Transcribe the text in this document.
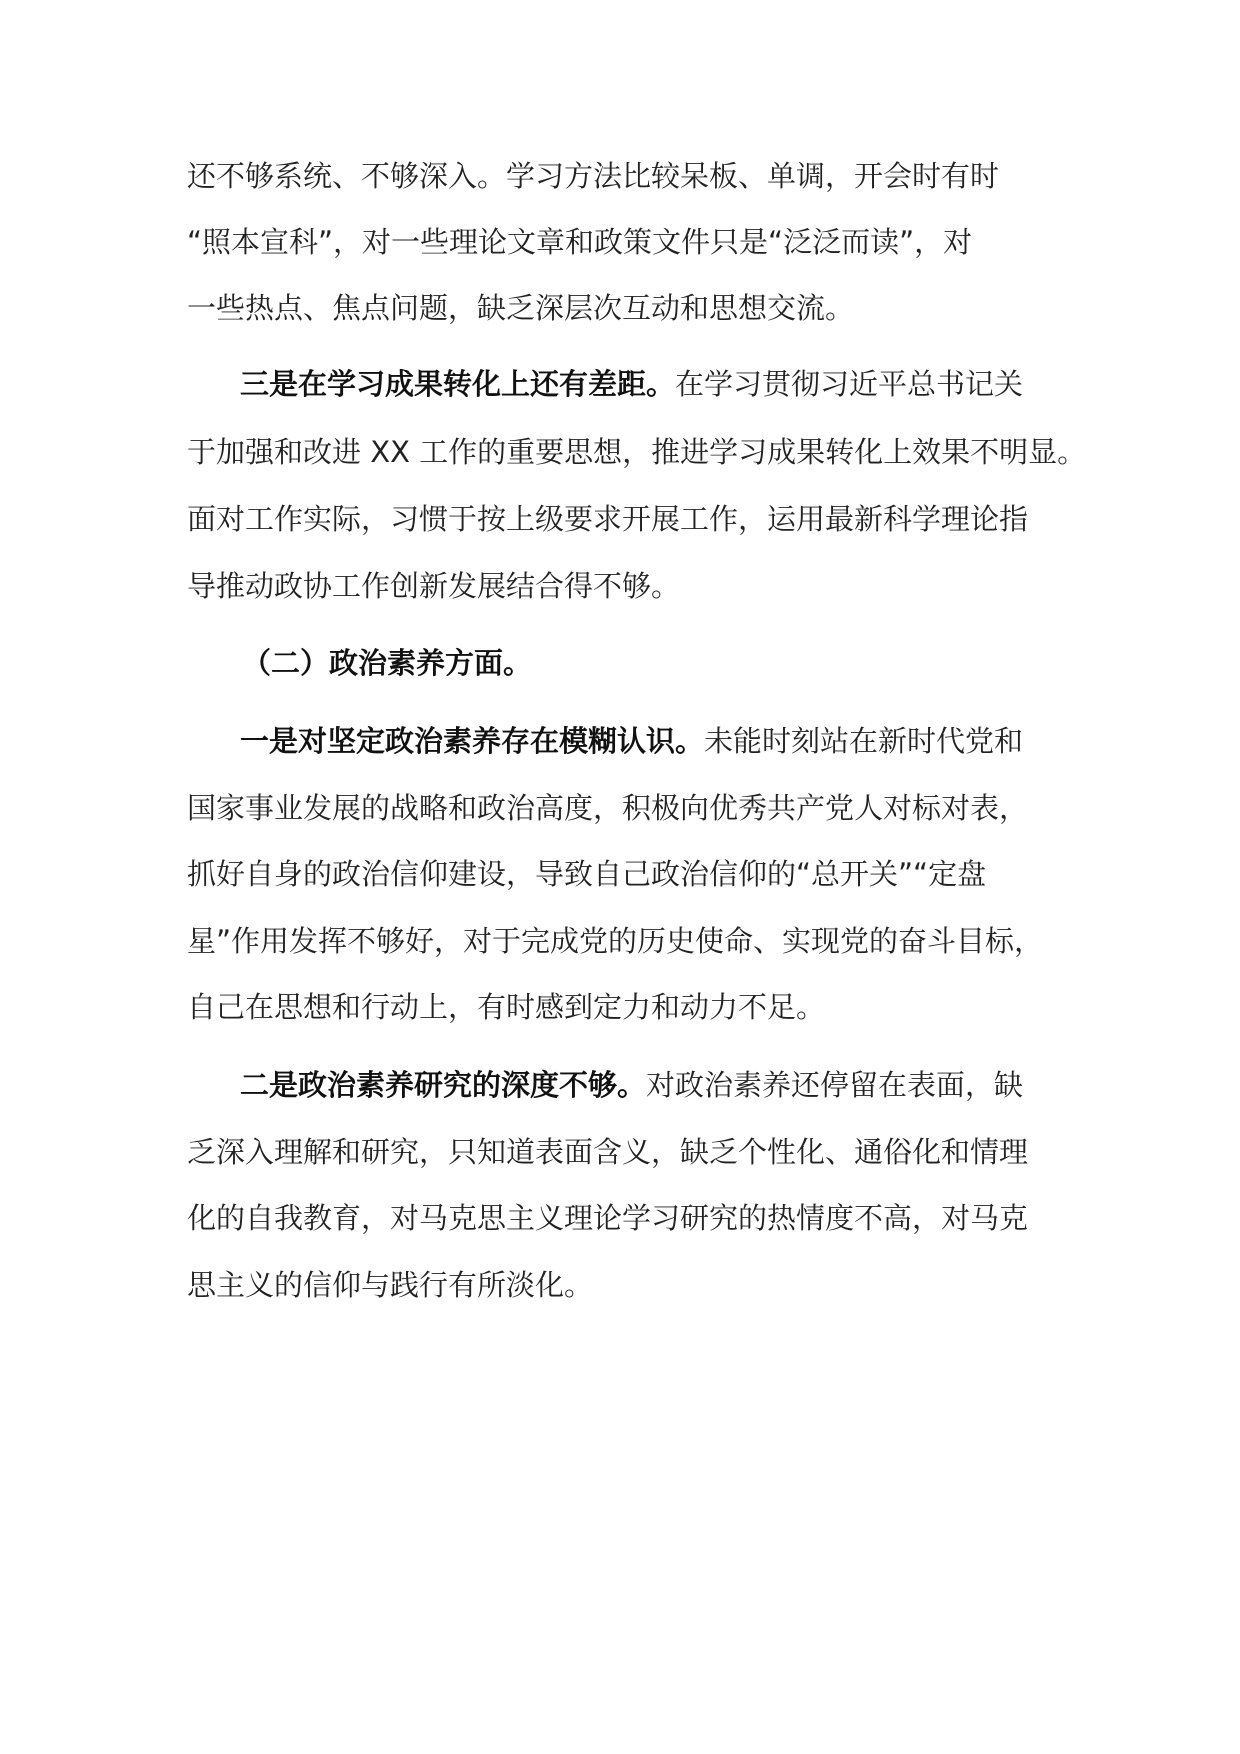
还不够系统、不够深入。学习方法比较呆板、单调，开会时有时
“照本宣科”，对一些理论文章和政策文件只是“泛泛而读”，对
一些热点、焦点问题，缺乏深层次互动和思想交流。
三是在学习成果转化上还有差距。在学习贯彻习近平总书记关
于加强和改进 XX 工作的重要思想，推进学习成果转化上效果不明显。
面对工作实际，习惯于按上级要求开展工作，运用最新科学理论指
导推动政协工作创新发展结合得不够。
（二）政治素养方面。
一是对坚定政治素养存在模糊认识。未能时刻站在新时代党和
国家事业发展的战略和政治高度，积极向优秀共产党人对标对表，
抓好自身的政治信仰建设，导致自己政治信仰的“总开关”“定盘
星”作用发挥不够好，对于完成党的历史使命、实现党的奋斗目标，
自己在思想和行动上，有时感到定力和动力不足。
二是政治素养研究的深度不够。对政治素养还停留在表面，缺
乏深入理解和研究，只知道表面含义，缺乏个性化、通俗化和情理
化的自我教育，对马克思主义理论学习研究的热情度不高，对马克
思主义的信仰与践行有所淡化。
